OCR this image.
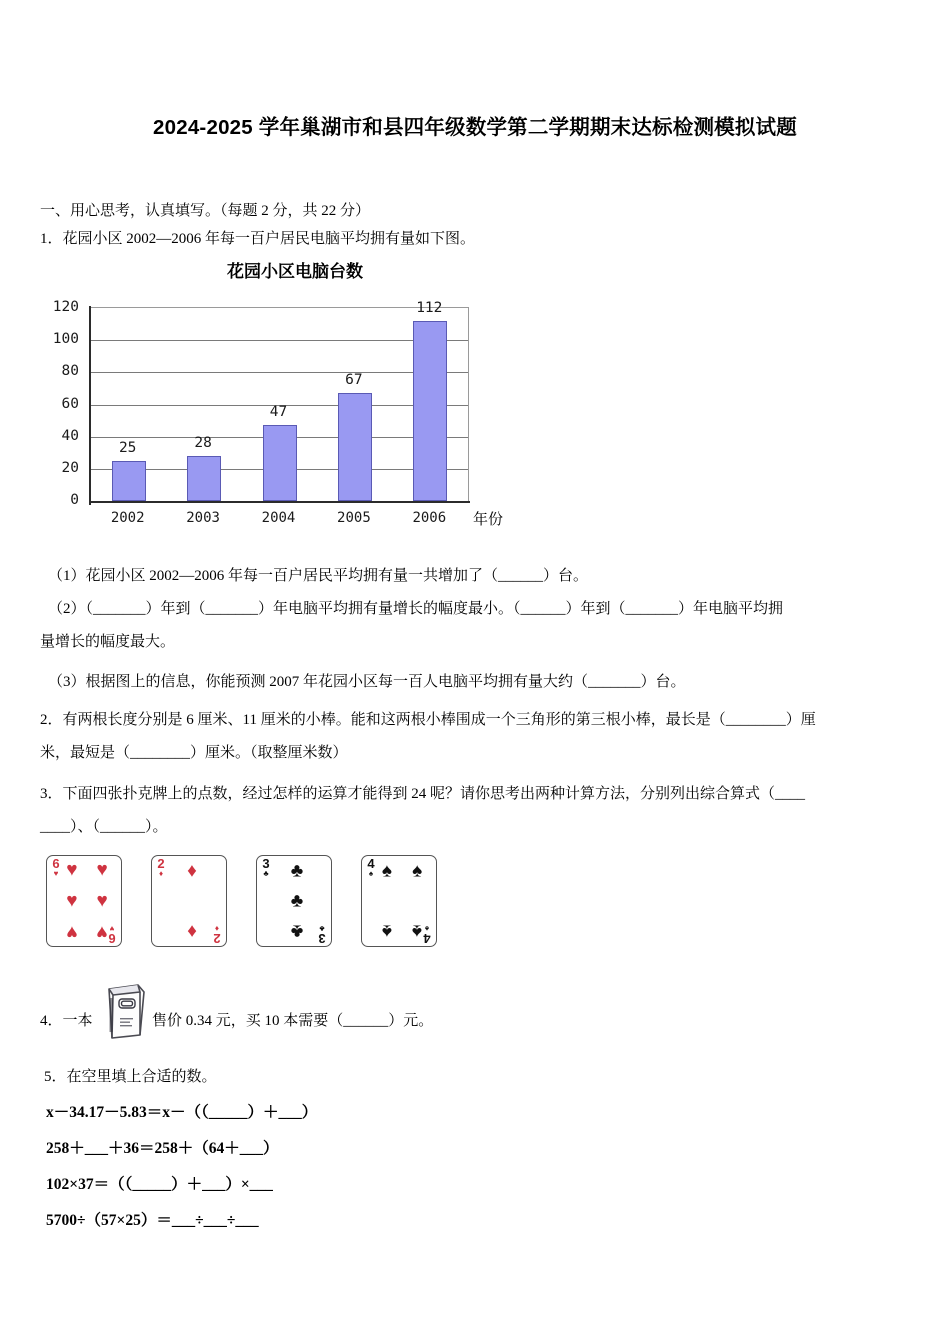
2024-2025 学年巢湖市和县四年级数学第二学期期末达标检测模拟试题
一、用心思考，认真填写。（每题 2 分，共 22 分）
1．花园小区 2002—2006 年每一百户居民电脑平均拥有量如下图。
花园小区电脑台数
0
20
40
60
80
100
120
2002	2003	2004	2005	2006
25	28
47
67
112
年份
（1）花园小区 2002—2006 年每一百户居民平均拥有量一共增加了（______）台。
（2）（_______）年到（_______）年电脑平均拥有量增长的幅度最小。（______）年到（_______）年电脑平均拥
量增长的幅度最大。
（3）根据图上的信息，你能预测 2007 年花园小区每一百人电脑平均拥有量大约（_______）台。
2．有两根长度分别是 6 厘米、11 厘米的小棒。能和这两根小棒围成一个三角形的第三根小棒，最长是（________）厘
米，最短是（________）厘米。（取整厘米数）
3．下面四张扑克牌上的点数，经过怎样的运算才能得到 24 呢？请你思考出两种计算方法，分别列出综合算式（____
____）、（______）。
6
♥ ♥ ♥
♥ ♥
♥ ♥ 6
♥
2
♦ ♦
♦ 2
♦
3
♣ ♣
♣
♣ 3
♣
4
♠ ♠ ♠
♠ ♠ 4
♠
4．一本	售价 0.34 元，买 10 本需要（______）元。
5．在空里填上合适的数。
x－34.17－5.83＝x－（（_____）＋___）
258＋___＋36＝258＋（64＋___）
102×37＝（（_____）＋___）×___
5700÷（57×25）＝___÷___÷___
